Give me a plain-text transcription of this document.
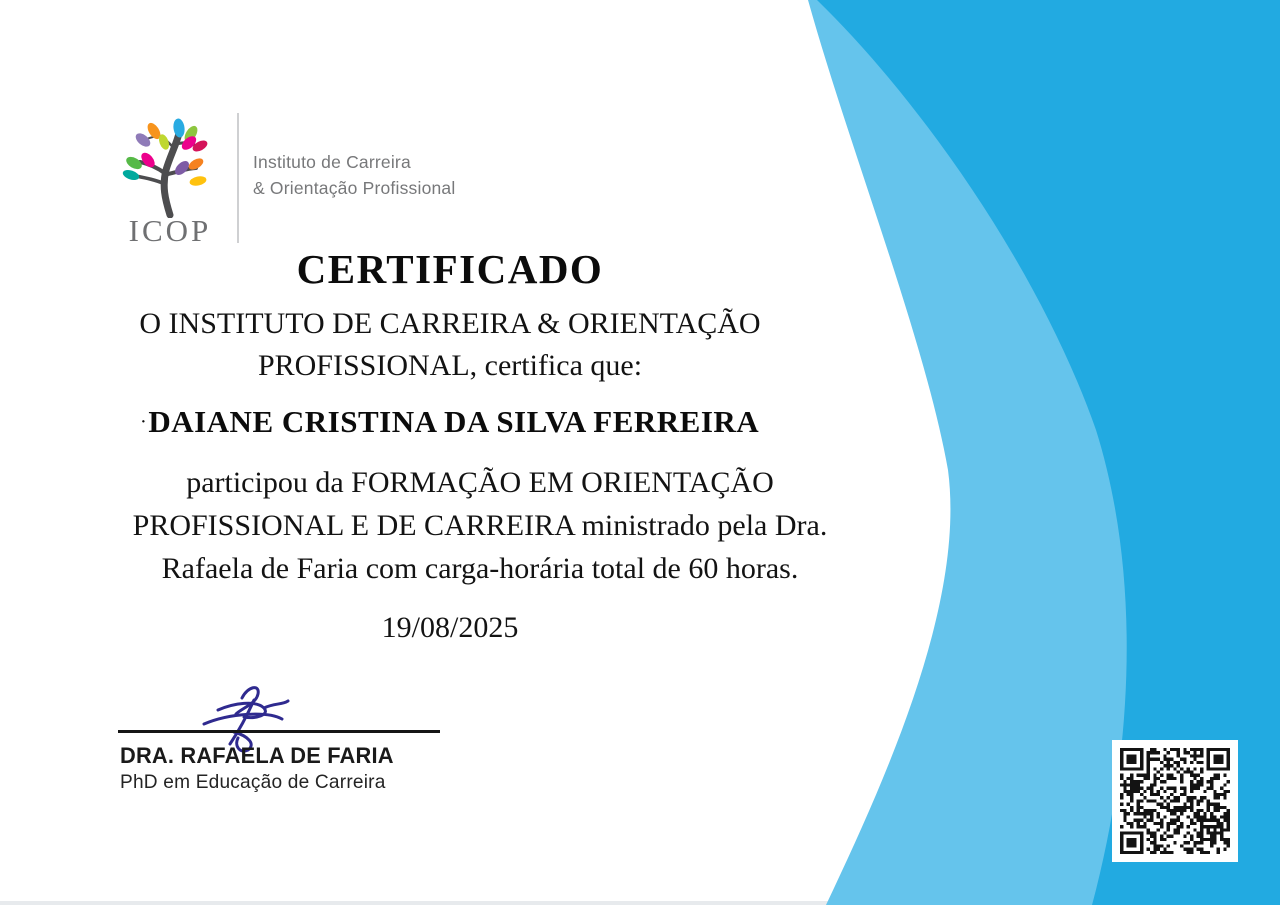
ICOP
Instituto de Carreira
& Orientação Profissional
CERTIFICADO
O INSTITUTO DE CARREIRA & ORIENTAÇÃO
PROFISSIONAL, certifica que:
·DAIANE CRISTINA DA SILVA FERREIRA
participou da FORMAÇÃO EM ORIENTAÇÃO
PROFISSIONAL E DE CARREIRA ministrado pela Dra.
Rafaela de Faria com carga-horária total de 60 horas.
19/08/2025
DRA. RAFAELA DE FARIA
PhD em Educação de Carreira
